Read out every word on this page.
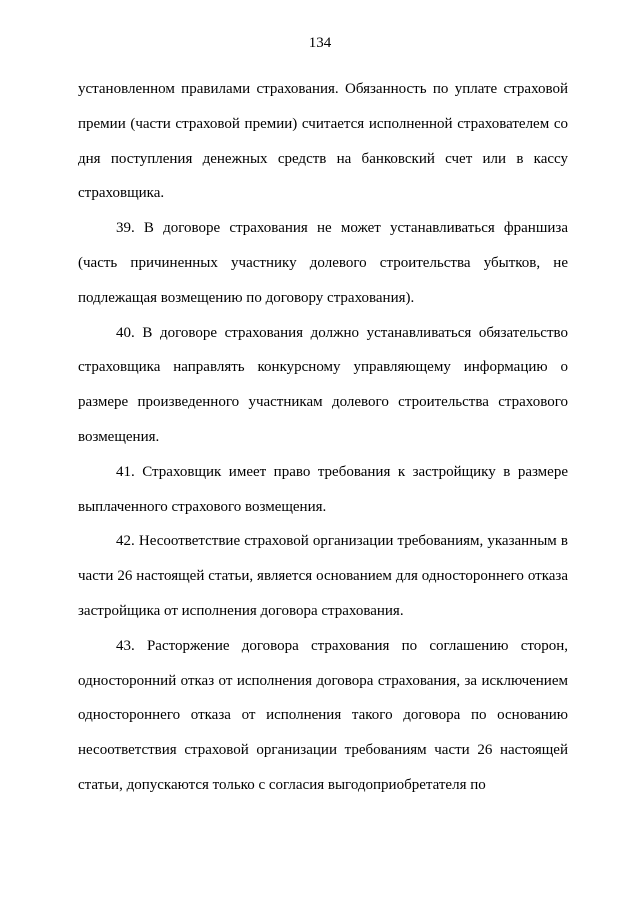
134

установленном правилами страхования. Обязанность по уплате страховой премии (части страховой премии) считается исполненной страхователем со дня поступления денежных средств на банковский счет или в кассу страховщика.

39. В договоре страхования не может устанавливаться франшиза (часть причиненных участнику долевого строительства убытков, не подлежащая возмещению по договору страхования).

40. В договоре страхования должно устанавливаться обязательство страховщика направлять конкурсному управляющему информацию о размере произведенного участникам долевого строительства страхового возмещения.

41. Страховщик имеет право требования к застройщику в размере выплаченного страхового возмещения.

42. Несоответствие страховой организации требованиям, указанным в части 26 настоящей статьи, является основанием для одностороннего отказа застройщика от исполнения договора страхования.

43. Расторжение договора страхования по соглашению сторон, односторонний отказ от исполнения договора страхования, за исключением одностороннего отказа от исполнения такого договора по основанию несоответствия страховой организации требованиям части 26 настоящей статьи, допускаются только с согласия выгодоприобретателя по
